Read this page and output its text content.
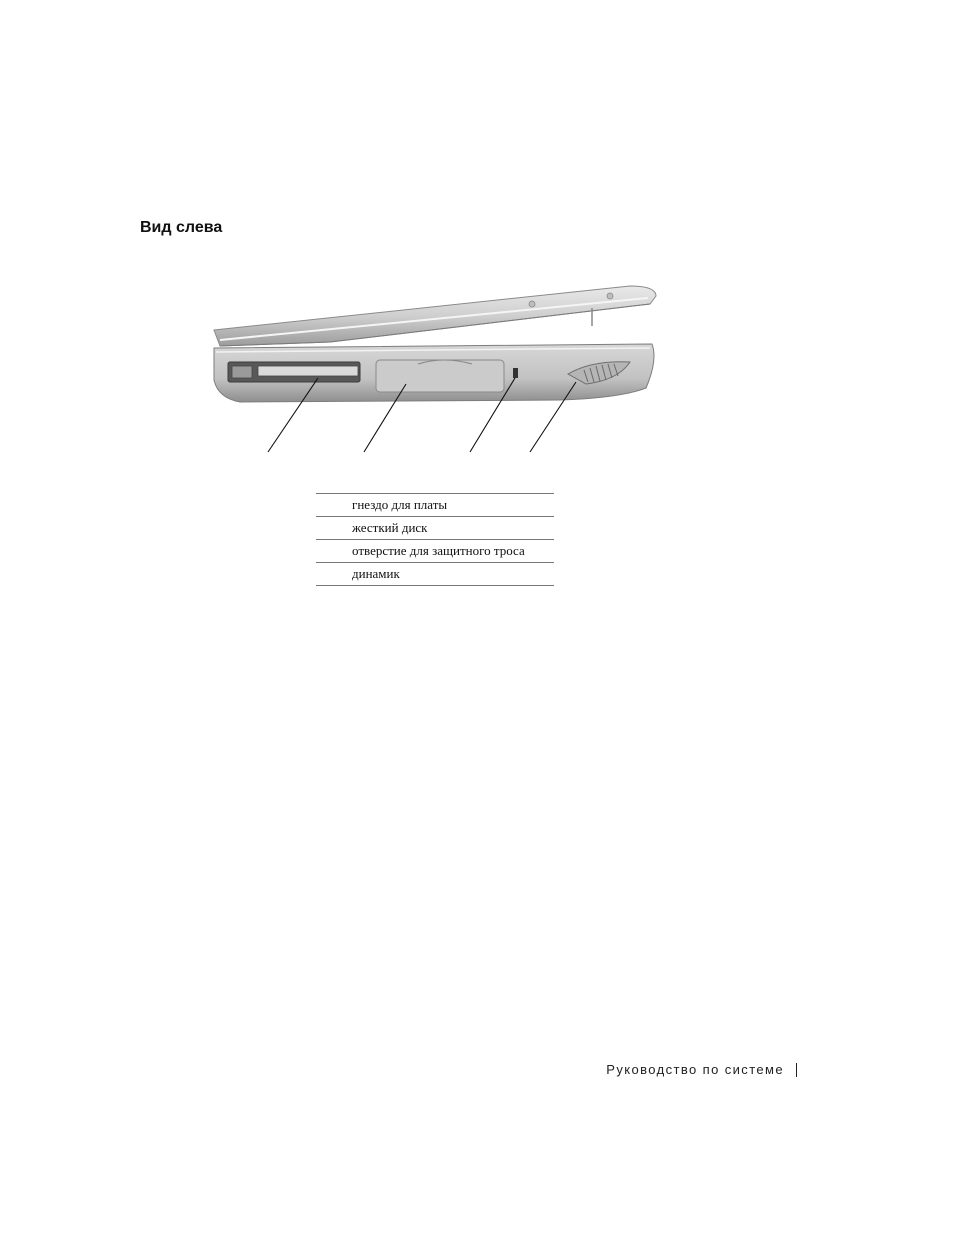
Вид слева
	гнездо для платы
	жесткий диск
	отверстие для защитного троса
	динамик
Руководство по системе
